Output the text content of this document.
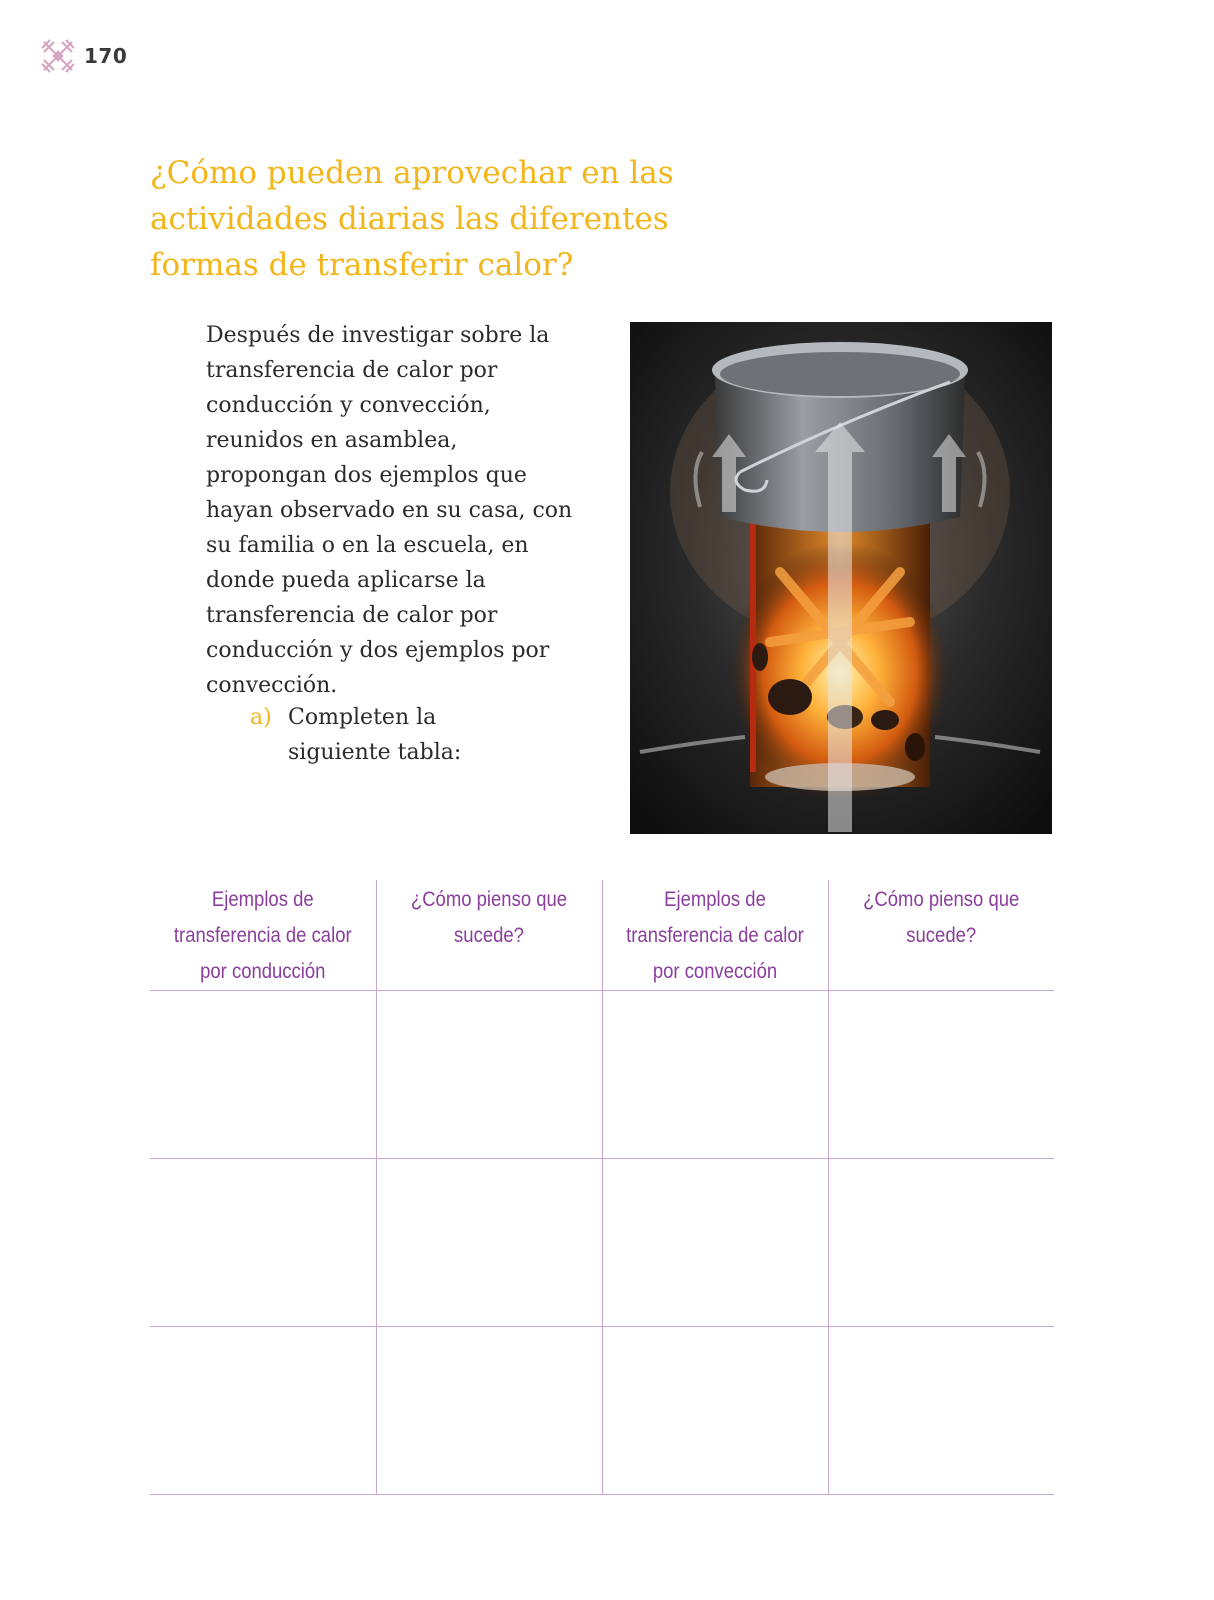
170
¿Cómo pueden aprovechar en las actividades diarias las diferentes formas de transferir calor?

Después de investigar sobre la transferencia de calor por conducción y convección, reunidos en asamblea, propongan dos ejemplos que hayan observado en su casa, con su familia o en la escuela, en donde pueda aplicarse la transferencia de calor por conducción y dos ejemplos por convección.

a) Completen la siguiente tabla:
Ejemplos de transferencia de calor por conducción	¿Cómo pienso que sucede?	Ejemplos de transferencia de calor por convección	¿Cómo pienso que sucede?
